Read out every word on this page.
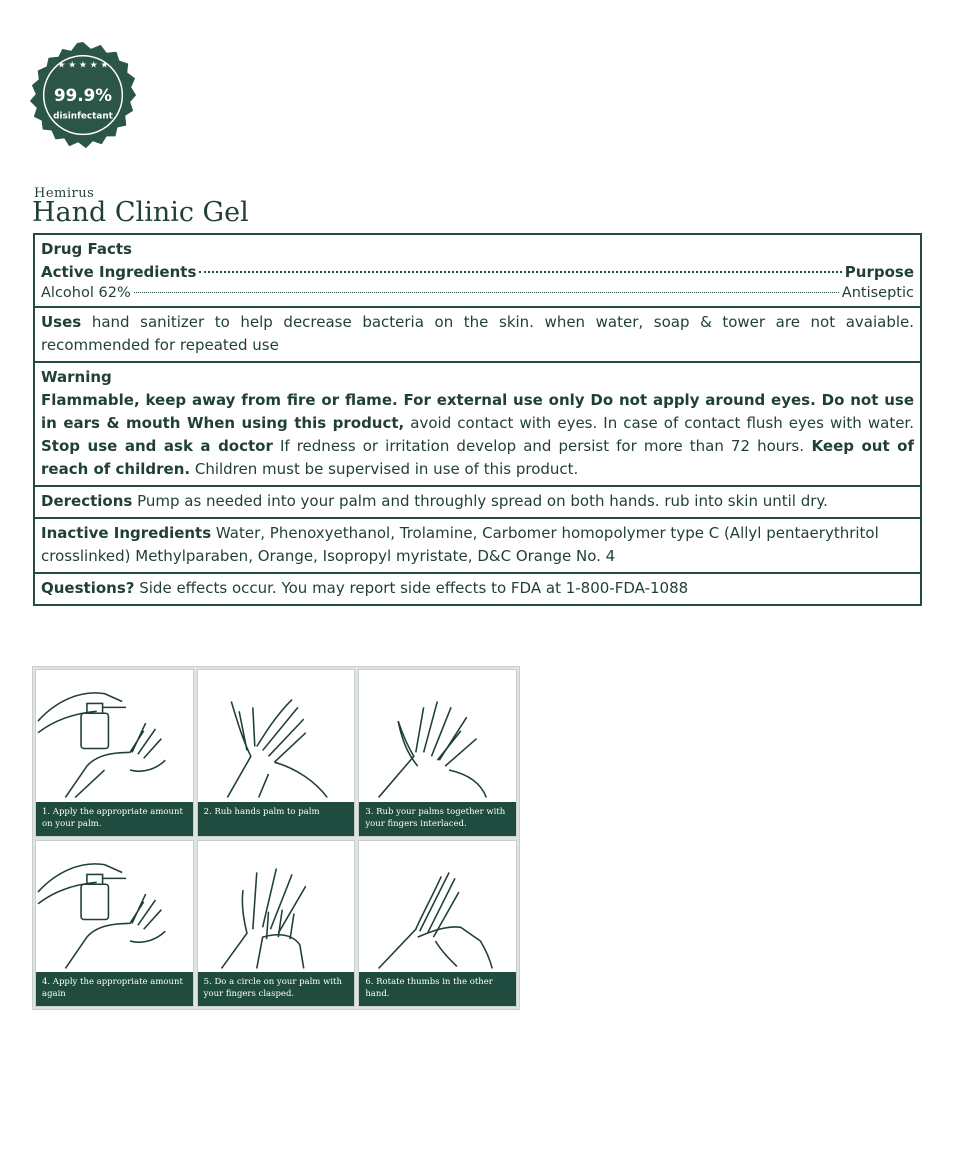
★ ★ ★ ★ ★
99.9%
disinfectant
Hemirus
Hand Clinic Gel
Drug Facts
Active Ingredients	Purpose
Alcohol 62%	Antiseptic
Uses hand sanitizer to help decrease bacteria on the skin. when water, soap & tower are not avaiable. recommended for repeated use
Warning
Flammable, keep away from fire or flame. For external use only Do not apply around eyes. Do not use in ears & mouth When using this product, avoid contact with eyes. In case of contact flush eyes with water. Stop use and ask a doctor If redness or irritation develop and persist for more than 72 hours. Keep out of reach of children. Children must be supervised in use of this product.
Derections Pump as needed into your palm and throughly spread on both hands. rub into skin until dry.
Inactive Ingredients Water, Phenoxyethanol, Trolamine, Carbomer homopolymer type C (Allyl pentaerythritol crosslinked) Methylparaben, Orange, Isopropyl myristate, D&C Orange No. 4
Questions? Side effects occur. You may report side effects to FDA at 1-800-FDA-1088
1. Apply the appropriate amount on your palm.
2. Rub hands palm to palm	3. Rub your palms together with your fingers interlaced.
4. Apply the appropriate amount again
5. Do a circle on your palm with your fingers clasped.
6. Rotate thumbs in the other hand.
